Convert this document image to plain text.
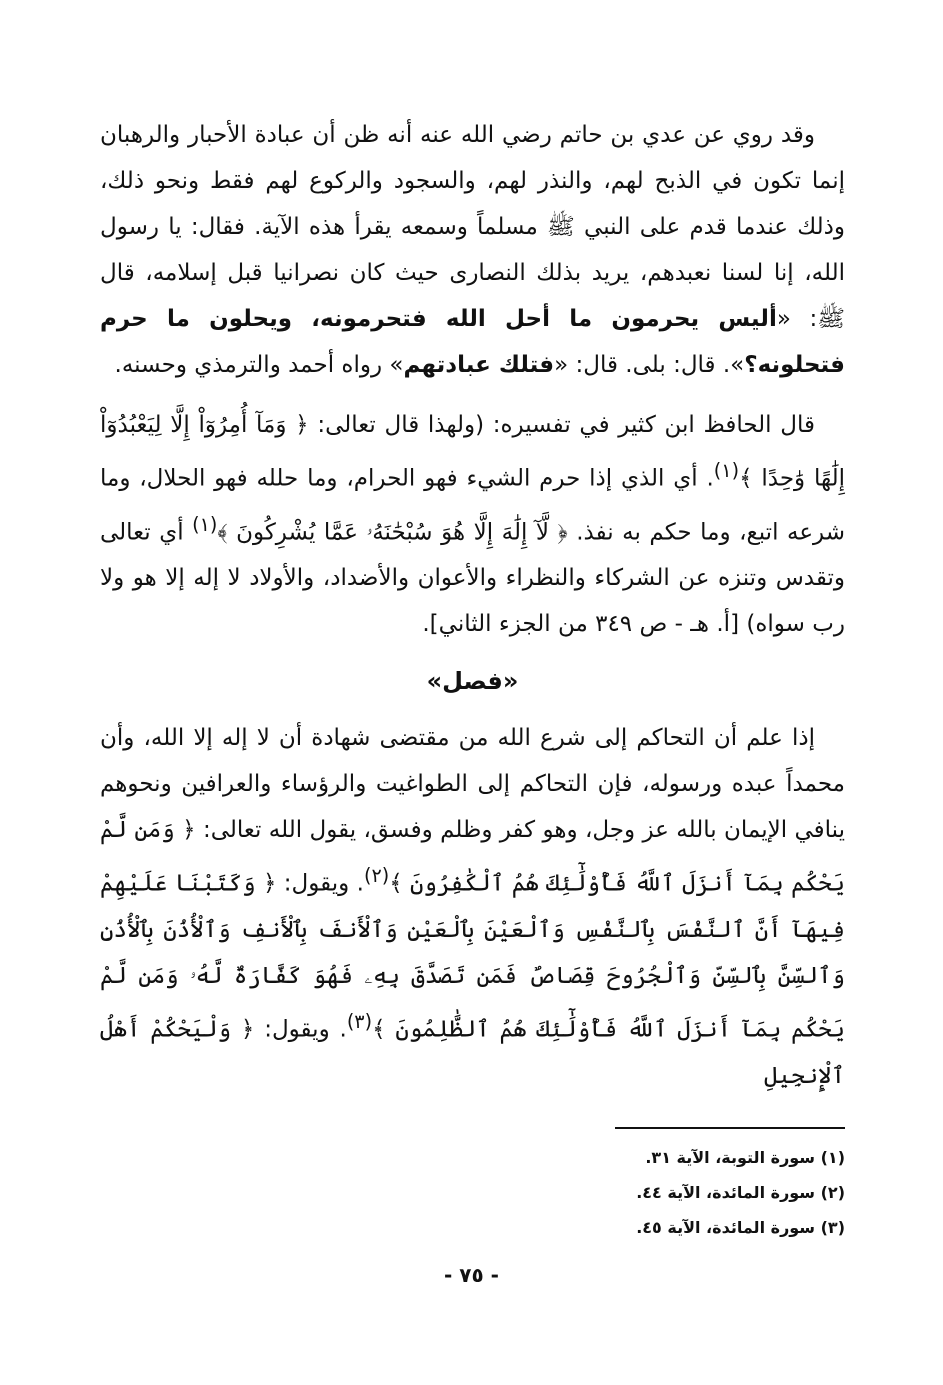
وقد روي عن عدي بن حاتم رضي الله عنه أنه ظن أن عبادة الأحبار والرهبان إنما تكون في الذبح لهم، والنذر لهم، والسجود والركوع لهم فقط ونحو ذلك، وذلك عندما قدم على النبي ﷺ مسلماً وسمعه يقرأ هذه الآية. فقال: يا رسول الله، إنا لسنا نعبدهم، يريد بذلك النصارى حيث كان نصرانيا قبل إسلامه، قال ﷺ: «أليس يحرمون ما أحل الله فتحرمونه، ويحلون ما حرم فتحلونه؟». قال: بلى. قال: «فتلك عبادتهم» رواه أحمد والترمذي وحسنه.

قال الحافظ ابن كثير في تفسيره: (ولهذا قال تعالى: ﴿ وَمَآ أُمِرُوٓاْ إِلَّا لِيَعْبُدُوٓاْ إِلَٰهًا وَٰحِدًا ﴾$^{(١)}$. أي الذي إذا حرم الشيء فهو الحرام، وما حلله فهو الحلال، وما شرعه اتبع، وما حكم به نفذ. ﴿ لَّآ إِلَٰهَ إِلَّا هُوَ سُبْحَٰنَهُۥ عَمَّا يُشْرِكُونَ ﴾$^{(١)}$ أي تعالى وتقدس وتنزه عن الشركاء والنظراء والأعوان والأضداد، والأولاد لا إله إلا هو ولا رب سواه) [أ. هـ - ص ٣٤٩ من الجزء الثاني].

«فصل»

إذا علم أن التحاكم إلى شرع الله من مقتضى شهادة أن لا إله إلا الله، وأن محمداً عبده ورسوله، فإن التحاكم إلى الطواغيت والرؤساء والعرافين ونحوهم ينافي الإيمان بالله عز وجل، وهو كفر وظلم وفسق، يقول الله تعالى: ﴿ وَمَن لَّمْ يَحْكُم بِمَآ أَنزَلَ ٱللَّهُ فَأُوْلَٰٓئِكَ هُمُ ٱلْكَٰفِرُونَ ﴾$^{(٢)}$. ويقول: ﴿ وَكَتَبْنَا عَلَيْهِمْ فِيهَآ أَنَّ ٱلنَّفْسَ بِٱلنَّفْسِ وَٱلْعَيْنَ بِٱلْعَيْنِ وَٱلْأَنفَ بِٱلْأَنفِ وَٱلْأُذُنَ بِٱلْأُذُنِ وَٱلسِّنَّ بِٱلسِّنِّ وَٱلْجُرُوحَ قِصَاصٌ فَمَن تَصَدَّقَ بِهِۦ فَهُوَ كَفَّارَةٌ لَّهُۥ وَمَن لَّمْ يَحْكُم بِمَآ أَنزَلَ ٱللَّهُ فَأُوْلَٰٓئِكَ هُمُ ٱلظَّٰلِمُونَ ﴾$^{(٣)}$. ويقول: ﴿ وَلْيَحْكُمْ أَهْلُ ٱلْإِنجِيلِ

(١) سورة التوبة، الآية ٣١.
(٢) سورة المائدة، الآية ٤٤.
(٣) سورة المائدة، الآية ٤٥.
- ٧٥ -
